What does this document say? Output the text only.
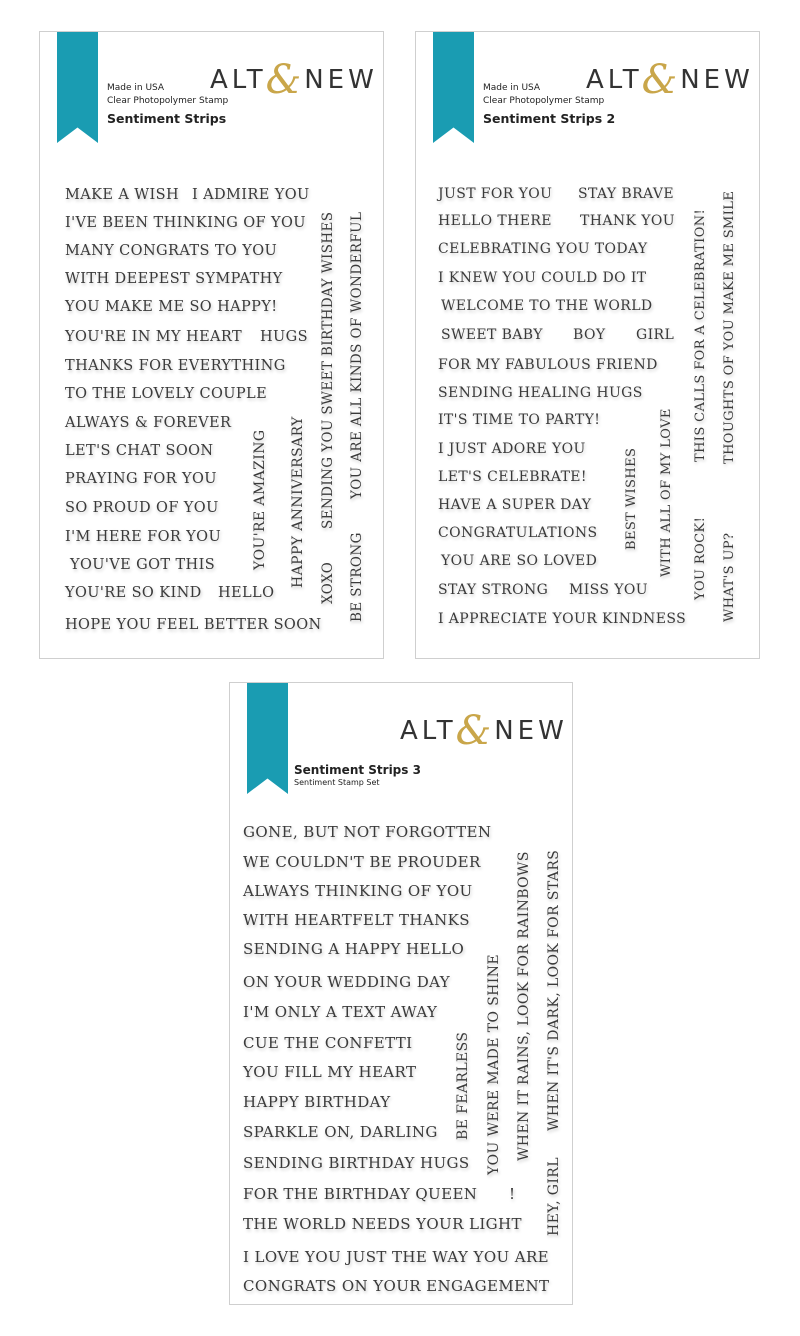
ALT&NEW
Made in USA
Clear Photopolymer Stamp
Sentiment Strips
MAKE A WISH I ADMIRE YOU
I'VE BEEN THINKING OF YOU
MANY CONGRATS TO YOU
WITH DEEPEST SYMPATHY
YOU MAKE ME SO HAPPY!
YOU'RE IN MY HEART HUGS
THANKS FOR EVERYTHING
TO THE LOVELY COUPLE
ALWAYS & FOREVER
LET'S CHAT SOON
PRAYING FOR YOU
SO PROUD OF YOU
I'M HERE FOR YOU
YOU'VE GOT THIS
YOU'RE SO KIND HELLO
HOPE YOU FEEL BETTER SOON
YOU'RE AMAZING HAPPY ANNIVERSARY SENDING YOU SWEET BIRTHDAY WISHES
XOXO
YOU ARE ALL KINDS OF WONDERFUL
BE STRONG
ALT&NEW
Made in USA
Clear Photopolymer Stamp
Sentiment Strips 2
JUST FOR YOU STAY BRAVE
HELLO THERE THANK YOU
CELEBRATING YOU TODAY
I KNEW YOU COULD DO IT
WELCOME TO THE WORLD
SWEET BABY BOY GIRL
FOR MY FABULOUS FRIEND
SENDING HEALING HUGS
IT'S TIME TO PARTY!
I JUST ADORE YOU
LET'S CELEBRATE!
HAVE A SUPER DAY
CONGRATULATIONS
YOU ARE SO LOVED
STAY STRONG MISS YOU
I APPRECIATE YOUR KINDNESS
BEST WISHES WITH ALL OF MY LOVE
THIS CALLS FOR A CELEBRATION!
YOU ROCK!
THOUGHTS OF YOU MAKE ME SMILE
WHAT'S UP?
ALT&NEW
Sentiment Strips 3
Sentiment Stamp Set
GONE, BUT NOT FORGOTTEN
WE COULDN'T BE PROUDER
ALWAYS THINKING OF YOU
WITH HEARTFELT THANKS
SENDING A HAPPY HELLO
ON YOUR WEDDING DAY
I'M ONLY A TEXT AWAY
CUE THE CONFETTI
YOU FILL MY HEART
HAPPY BIRTHDAY
SPARKLE ON, DARLING
SENDING BIRTHDAY HUGS
FOR THE BIRTHDAY QUEEN !
THE WORLD NEEDS YOUR LIGHT
I LOVE YOU JUST THE WAY YOU ARE
CONGRATS ON YOUR ENGAGEMENT
BE FEARLESS YOU WERE MADE TO SHINE WHEN IT RAINS, LOOK FOR RAINBOWS WHEN IT'S DARK, LOOK FOR STARS
HEY, GIRL
